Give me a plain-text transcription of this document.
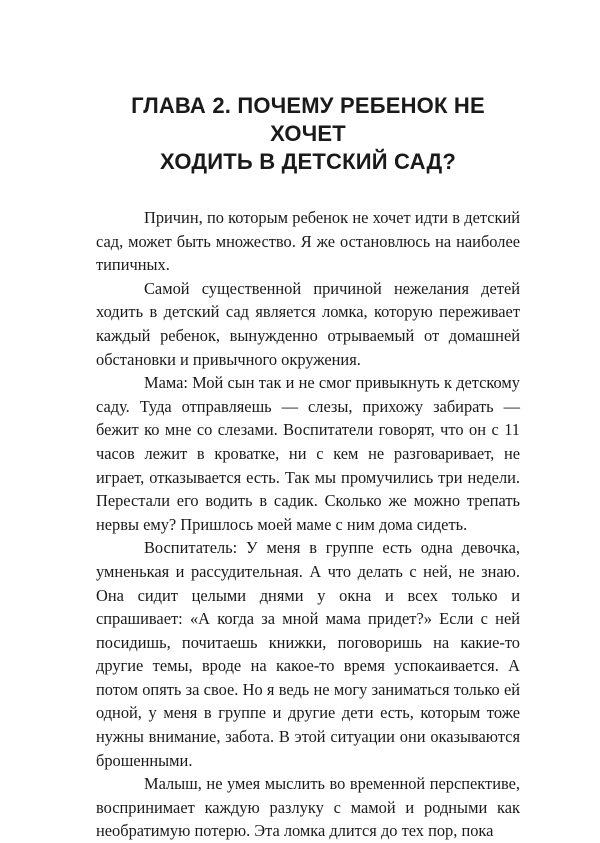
ГЛАВА 2. ПОЧЕМУ РЕБЕНОК НЕ ХОЧЕТ
ХОДИТЬ В ДЕТСКИЙ САД?

Причин, по которым ребенок не хочет идти в детский сад, может быть множество. Я же остановлюсь на наиболее типичных.

Самой существенной причиной нежелания детей ходить в детский сад является ломка, которую переживает каждый ребенок, вынужденно отрываемый от домашней обстановки и привычного окружения.

Мама: Мой сын так и не смог привыкнуть к детскому саду. Туда отправляешь — слезы, прихожу забирать — бежит ко мне со слезами. Воспитатели говорят, что он с 11 часов лежит в кроватке, ни с кем не разговаривает, не играет, отказывается есть. Так мы промучились три недели. Перестали его водить в садик. Сколько же можно трепать нервы ему? Пришлось моей маме с ним дома сидеть.

Воспитатель: У меня в группе есть одна девочка, умненькая и рассудительная. А что делать с ней, не знаю. Она сидит целыми днями у окна и всех только и спрашивает: «А когда за мной мама придет?» Если с ней посидишь, почитаешь книжки, поговоришь на какие-то другие темы, вроде на какое-то время успокаивается. А потом опять за свое. Но я ведь не могу заниматься только ей одной, у меня в группе и другие дети есть, которым тоже нужны внимание, забота. В этой ситуации они оказываются брошенными.

Малыш, не умея мыслить во временной перспективе, воспринимает каждую разлуку с мамой и родными как необратимую потерю. Эта ломка длится до тех пор, пока
